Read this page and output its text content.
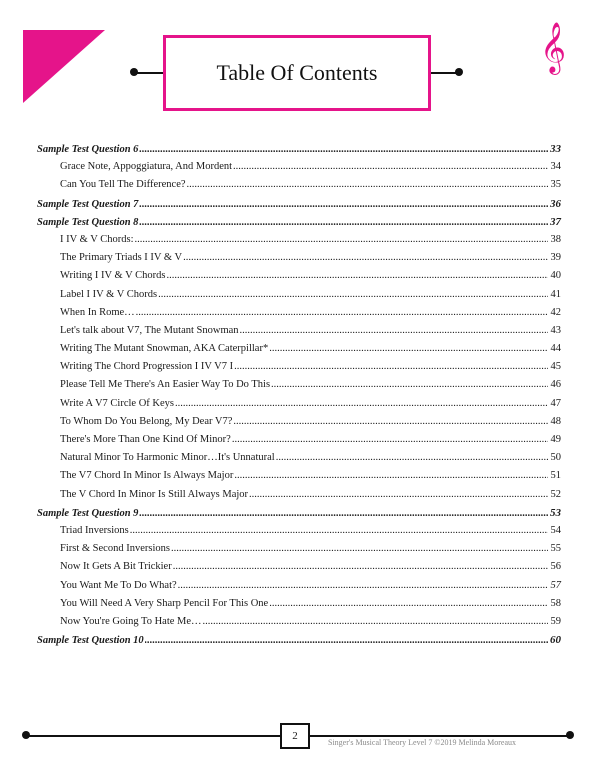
Table Of Contents	𝄞
Sample Test Question 6 .....	33
Grace Note, Appoggiatura, And Mordent .....	34
Can You Tell The Difference? .....	35
Sample Test Question 7 .....	36
Sample Test Question 8 .....	37
I IV & V Chords: .....	38
The Primary Triads I IV & V .....	39
Writing I IV & V Chords .....	40
Label I IV & V Chords .....	41
When In Rome… .....	42
Let's talk about V7, The Mutant Snowman .....	43
Writing The Mutant Snowman, AKA Caterpillar* .....	44
Writing The Chord Progression I IV V7 I .....	45
Please Tell Me There's An Easier Way To Do This .....	46
Write A V7 Circle Of Keys .....	47
To Whom Do You Belong, My Dear V7? .....	48
There's More Than One Kind Of Minor? .....	49
Natural Minor To Harmonic Minor…It's Unnatural .....	50
The V7 Chord In Minor Is Always Major .....	51
The V Chord In Minor Is Still Always Major .....	52
Sample Test Question 9 .....	53
Triad Inversions .....	54
First & Second Inversions .....	55
Now It Gets A Bit Trickier .....	56
You Want Me To Do What? .....	57
You Will Need A Very Sharp Pencil For This One .....	58
Now You're Going To Hate Me… .....	59
Sample Test Question 10 .....	60
2
Singer's Musical Theory Level 7 ©2019 Melinda Moreaux
